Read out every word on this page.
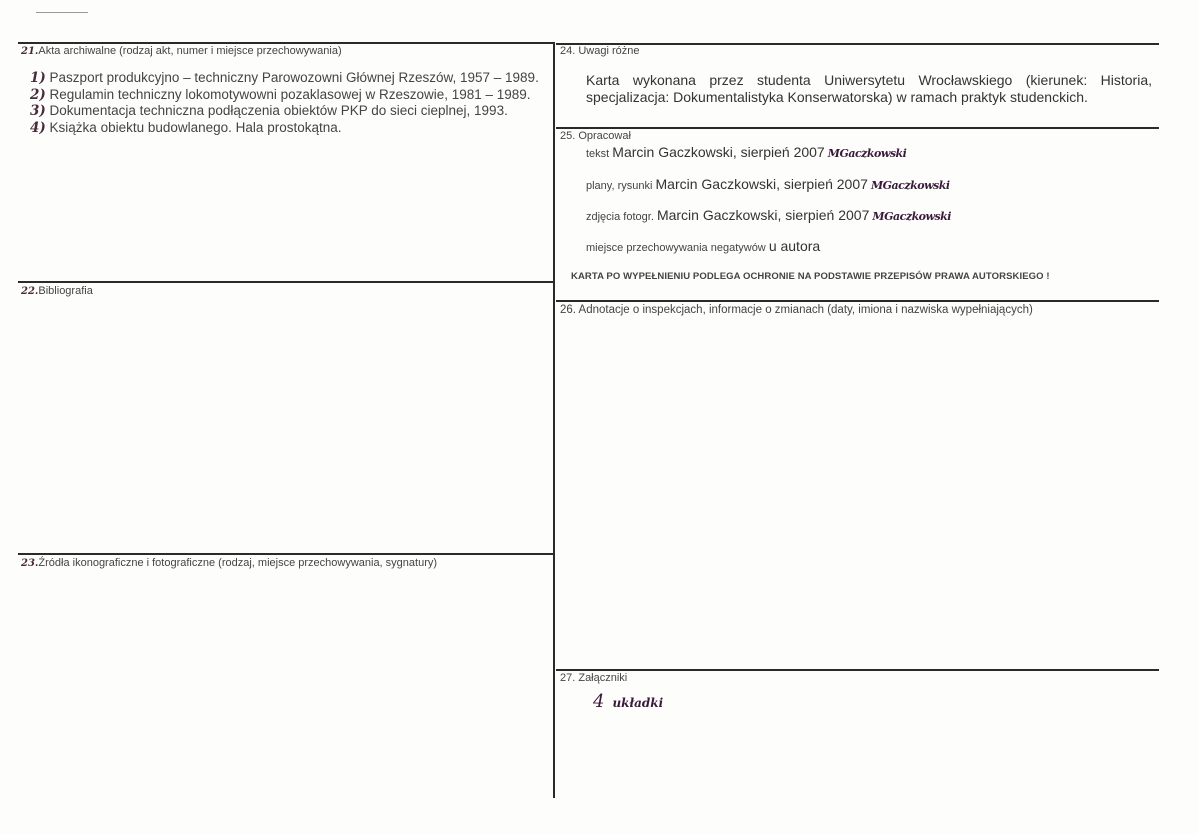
21.Akta archiwalne (rodzaj akt, numer i miejsce przechowywania)
1) Paszport produkcyjno – techniczny Parowozowni Głównej Rzeszów, 1957 – 1989.
2) Regulamin techniczny lokomotywowni pozaklasowej w Rzeszowie, 1981 – 1989.
3) Dokumentacja techniczna podłączenia obiektów PKP do sieci cieplnej, 1993.
4) Książka obiektu budowlanego. Hala prostokątna.
22.Bibliografia
23.Źródła ikonograficzne i fotograficzne (rodzaj, miejsce przechowywania, sygnatury)
24. Uwagi różne
Karta wykonana przez studenta Uniwersytetu Wrocławskiego (kierunek: Historia, specjalizacja: Dokumentalistyka Konserwatorska) w ramach praktyk studenckich.
25. Opracował
tekst Marcin Gaczkowski, sierpień 2007 MGaczkowski
plany, rysunki Marcin Gaczkowski, sierpień 2007 MGaczkowski
zdjęcia fotogr. Marcin Gaczkowski, sierpień 2007 MGaczkowski
miejsce przechowywania negatywów u autora
KARTA PO WYPEŁNIENIU PODLEGA OCHRONIE NA PODSTAWIE PRZEPISÓW PRAWA AUTORSKIEGO !
26. Adnotacje o inspekcjach, informacje o zmianach (daty, imiona i nazwiska wypełniających)
27. Załączniki
4 układki
